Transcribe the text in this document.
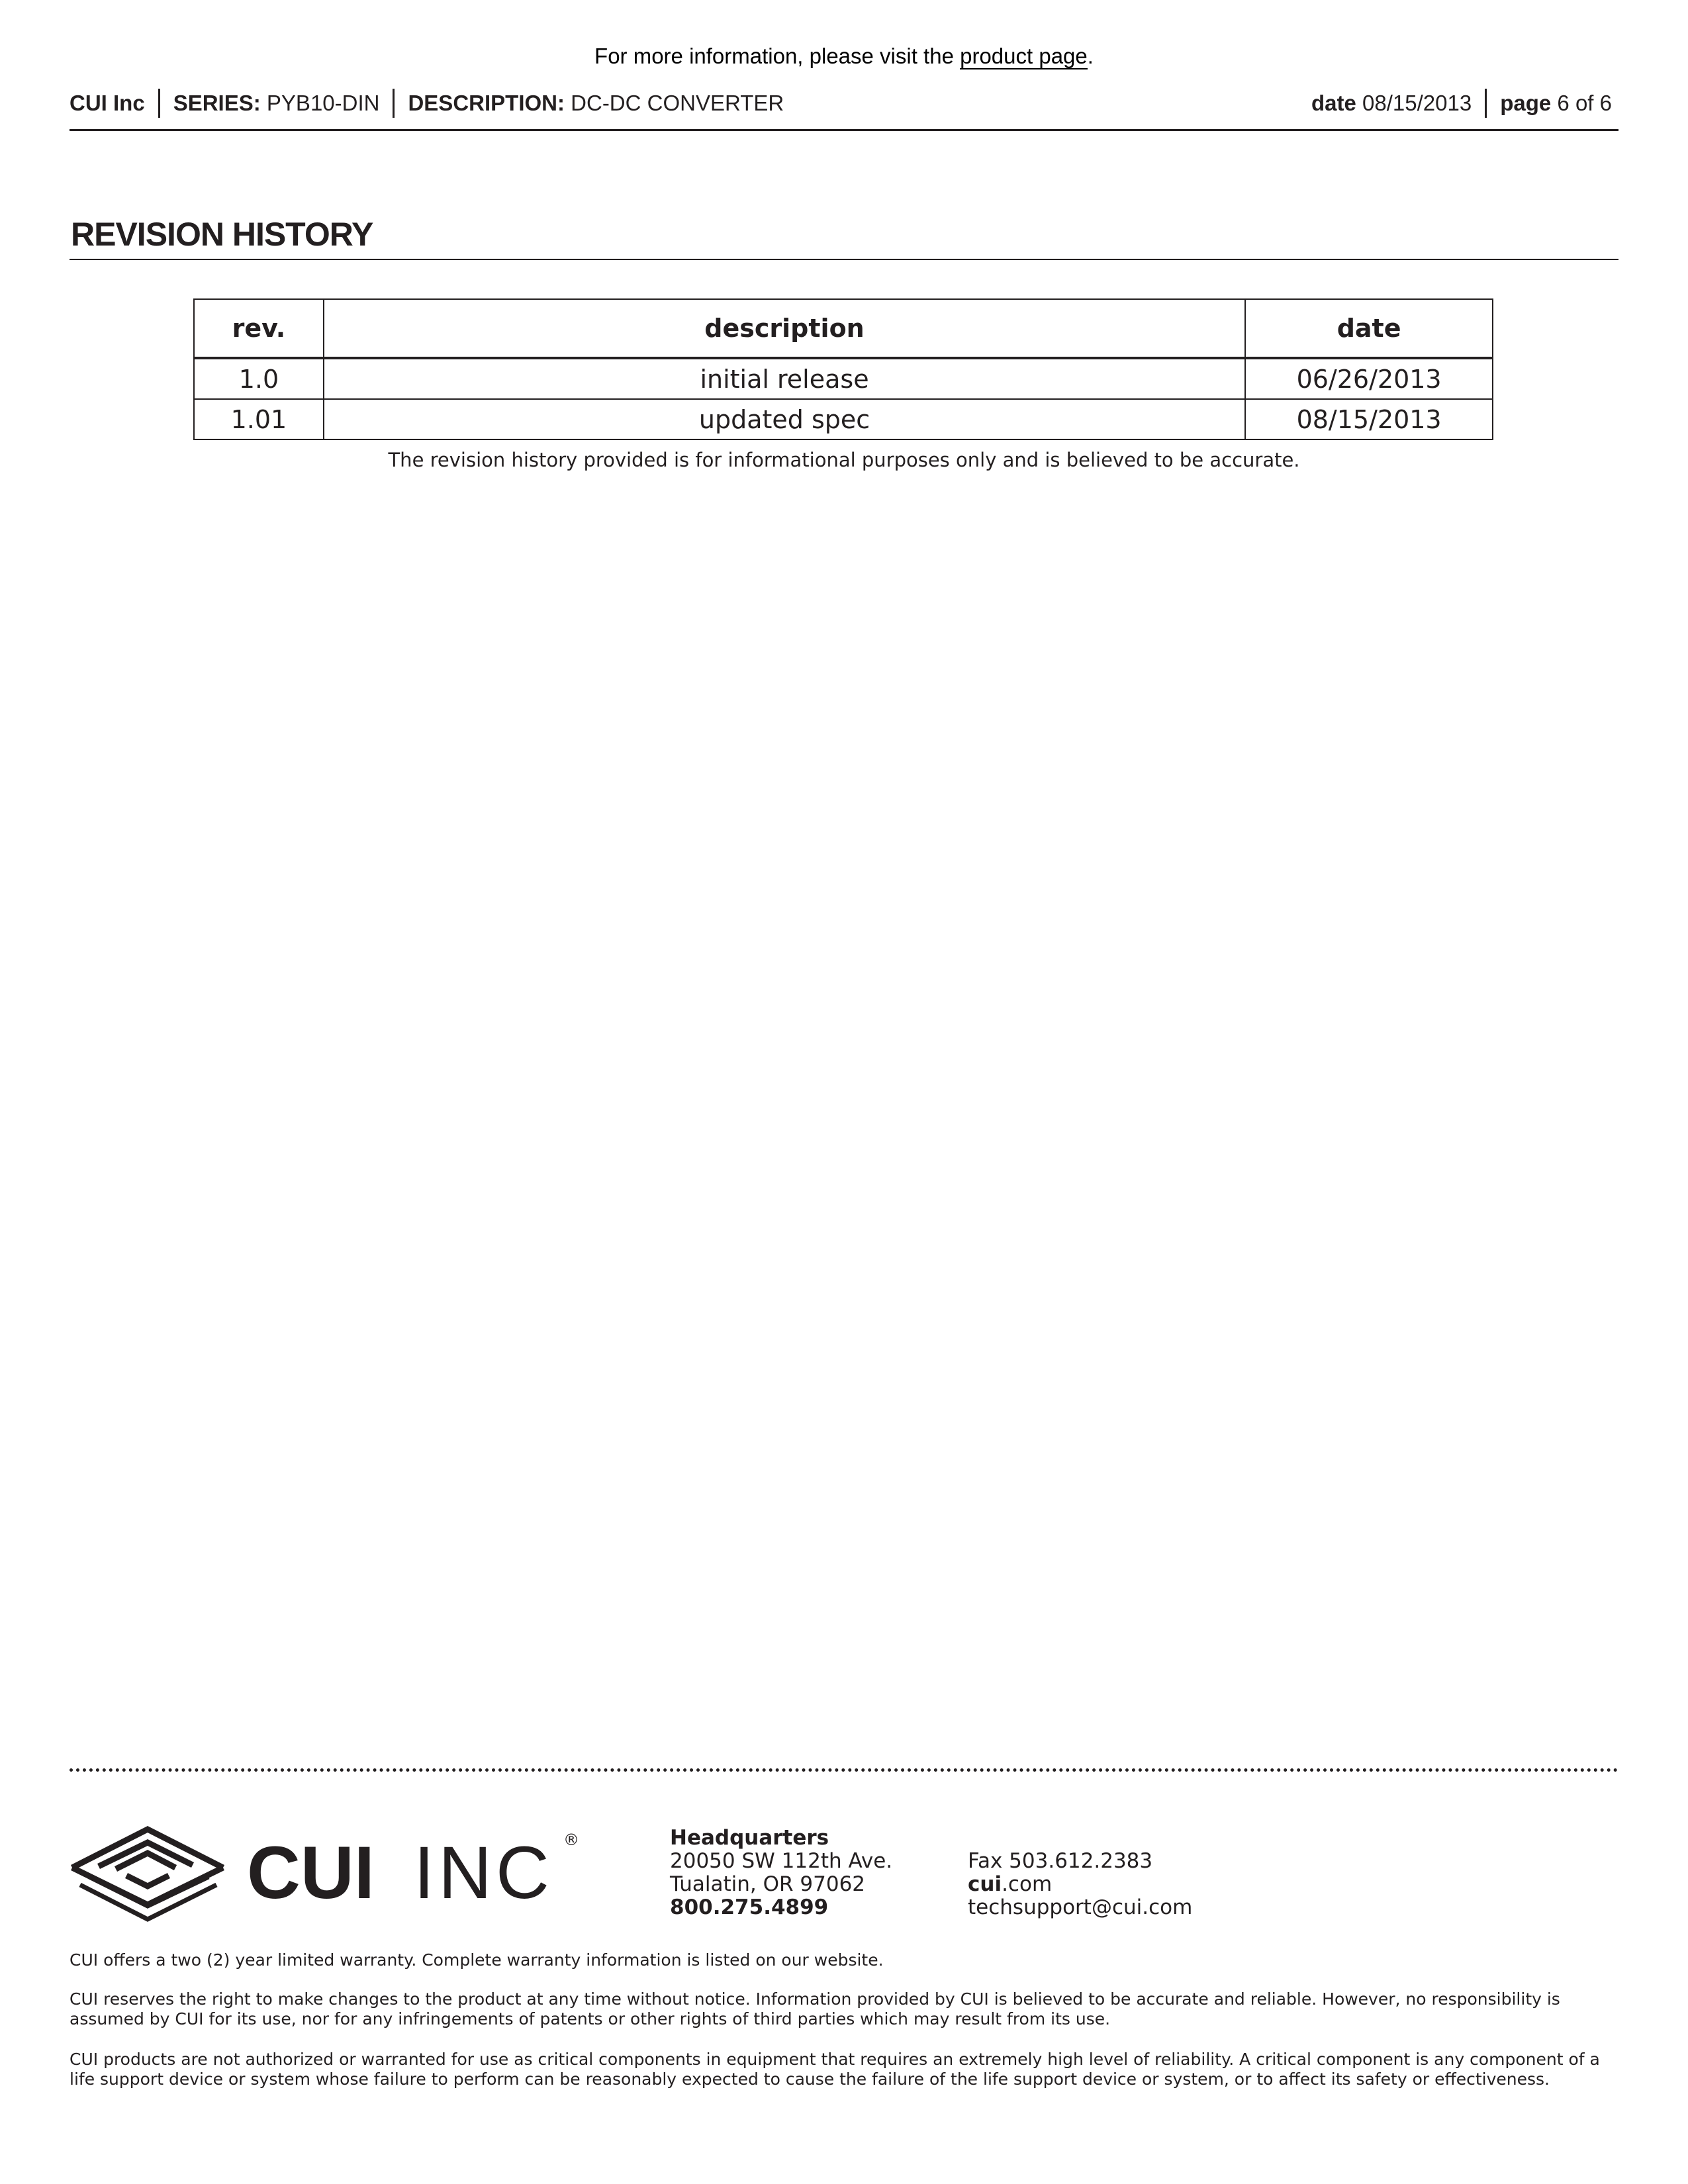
For more information, please visit the product page.
CUI Inc SERIES:
PYB10-DIN DESCRIPTION:
DC-DC CONVERTER	date
08/15/2013 page
6 of 6
REVISION HISTORY
rev.	description	date
1.0	initial release	06/26/2013
1.01	updated spec	08/15/2013
The revision history provided is for informational purposes only and is believed to be accurate.
CUI INC ®	Headquarters
20050 SW 112th Ave.
Tualatin, OR 97062
800.275.4899
Fax 503.612.2383
cui.com
techsupport@cui.com
CUI offers a two (2) year limited warranty. Complete warranty information is listed on our website.
CUI reserves the right to make changes to the product at any time without notice. Information provided by CUI is believed to be accurate and reliable. However, no responsibility is assumed by CUI for its use, nor for any infringements of patents or other rights of third parties which may result from its use.
CUI products are not authorized or warranted for use as critical components in equipment that requires an extremely high level of reliability. A critical component is any component of a life support device or system whose failure to perform can be reasonably expected to cause the failure of the life support device or system, or to affect its safety or effectiveness.
